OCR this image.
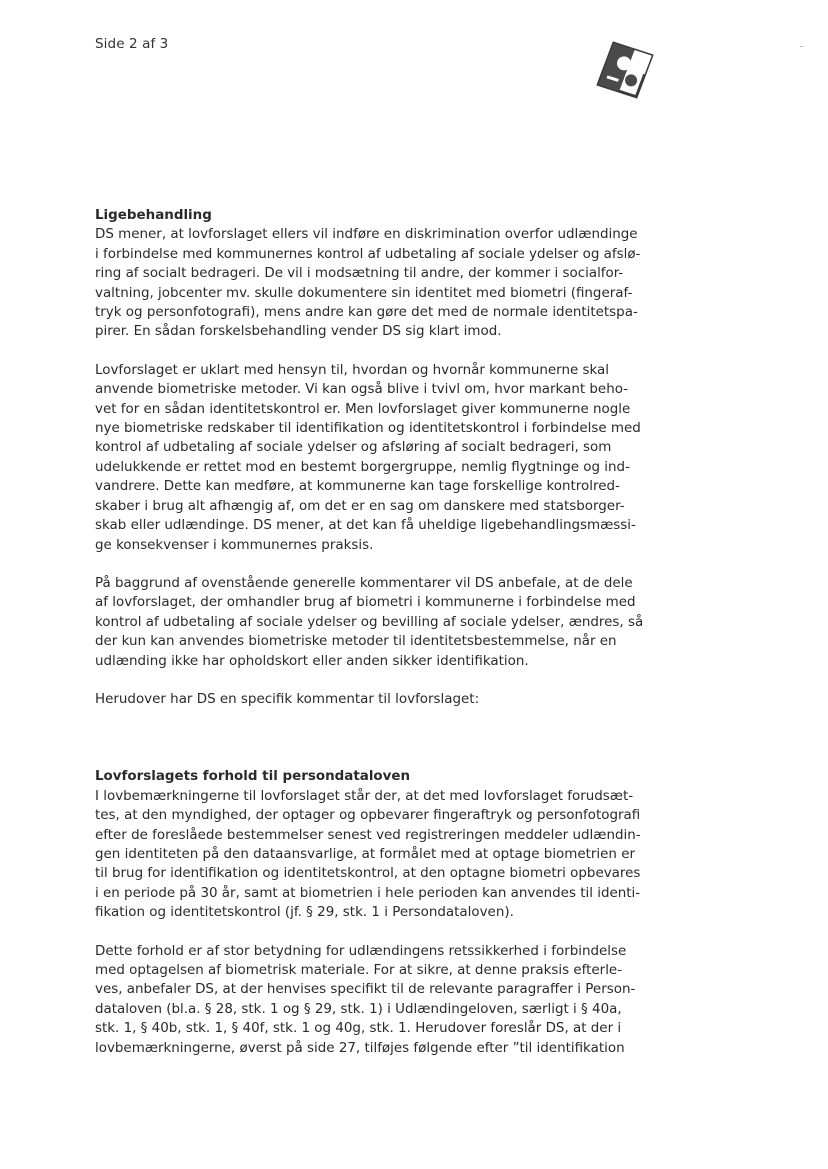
Side 2 af 3

Ligebehandling

DS mener, at lovforslaget ellers vil indføre en diskrimination overfor udlændinge
i forbindelse med kommunernes kontrol af udbetaling af sociale ydelser og afslø-
ring af socialt bedrageri. De vil i modsætning til andre, der kommer i socialfor-
valtning, jobcenter mv. skulle dokumentere sin identitet med biometri (fingeraf-
tryk og personfotografi), mens andre kan gøre det med de normale identitetspa-
pirer. En sådan forskelsbehandling vender DS sig klart imod.
Lovforslaget er uklart med hensyn til, hvordan og hvornår kommunerne skal
anvende biometriske metoder. Vi kan også blive i tvivl om, hvor markant beho-
vet for en sådan identitetskontrol er. Men lovforslaget giver kommunerne nogle
nye biometriske redskaber til identifikation og identitetskontrol i forbindelse med
kontrol af udbetaling af sociale ydelser og afsløring af socialt bedrageri, som
udelukkende er rettet mod en bestemt borgergruppe, nemlig flygtninge og ind-
vandrere. Dette kan medføre, at kommunerne kan tage forskellige kontrolred-
skaber i brug alt afhængig af, om det er en sag om danskere med statsborger-
skab eller udlændinge. DS mener, at det kan få uheldige ligebehandlingsmæssi-
ge konsekvenser i kommunernes praksis.
På baggrund af ovenstående generelle kommentarer vil DS anbefale, at de dele
af lovforslaget, der omhandler brug af biometri i kommunerne i forbindelse med
kontrol af udbetaling af sociale ydelser og bevilling af sociale ydelser, ændres, så
der kun kan anvendes biometriske metoder til identitetsbestemmelse, når en
udlænding ikke har opholdskort eller anden sikker identifikation.
Herudover har DS en specifik kommentar til lovforslaget:

Lovforslagets forhold til persondataloven

I lovbemærkningerne til lovforslaget står der, at det med lovforslaget forudsæt-
tes, at den myndighed, der optager og opbevarer fingeraftryk og personfotografi
efter de foreslåede bestemmelser senest ved registreringen meddeler udlændin-
gen identiteten på den dataansvarlige, at formålet med at optage biometrien er
til brug for identifikation og identitetskontrol, at den optagne biometri opbevares
i en periode på 30 år, samt at biometrien i hele perioden kan anvendes til identi-
fikation og identitetskontrol (jf. § 29, stk. 1 i Persondataloven).
Dette forhold er af stor betydning for udlændingens retssikkerhed i forbindelse
med optagelsen af biometrisk materiale. For at sikre, at denne praksis efterle-
ves, anbefaler DS, at der henvises specifikt til de relevante paragraffer i Person-
dataloven (bl.a. § 28, stk. 1 og § 29, stk. 1) i Udlændingeloven, særligt i § 40a,
stk. 1, § 40b, stk. 1, § 40f, stk. 1 og 40g, stk. 1. Herudover foreslår DS, at der i
lovbemærkningerne, øverst på side 27, tilføjes følgende efter ”til identifikation
